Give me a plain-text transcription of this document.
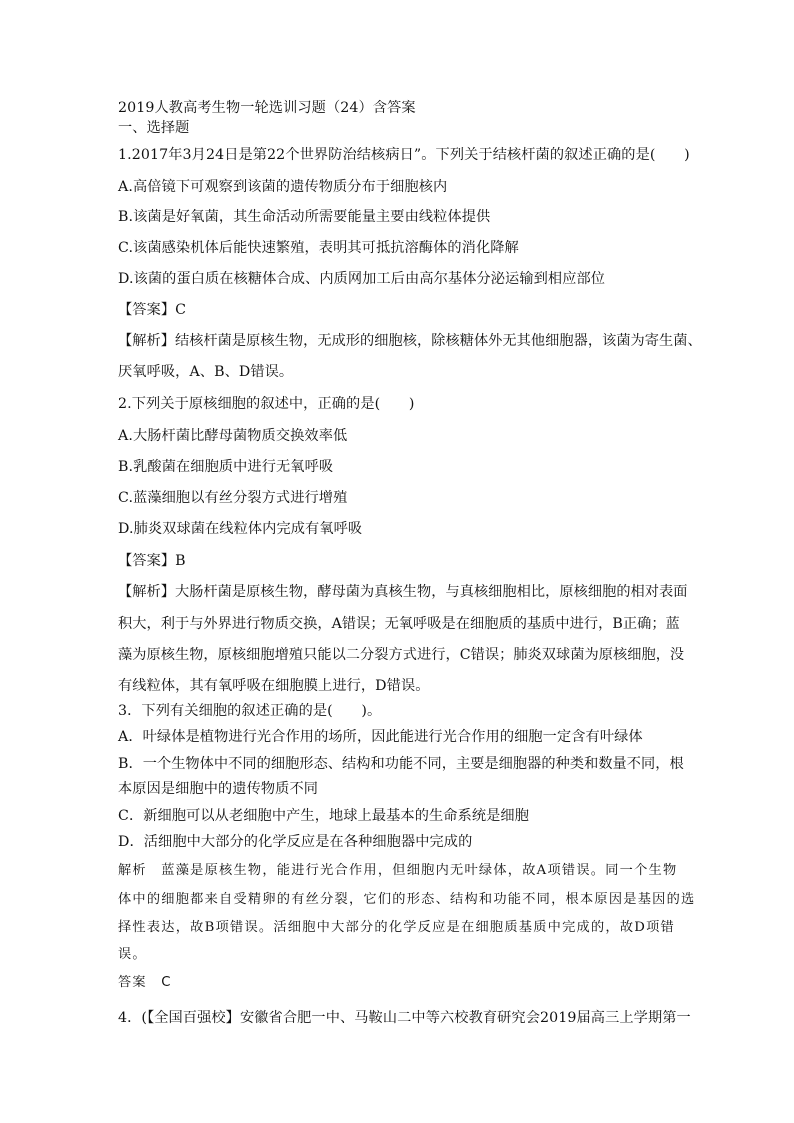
2019人教高考生物一轮选训习题（24）含答案
一、选择题
1.2017年3月24日是第22个世界防治结核病日”。下列关于结核杆菌的叙述正确的是(　　)
A.高倍镜下可观察到该菌的遗传物质分布于细胞核内
B.该菌是好氧菌，其生命活动所需要能量主要由线粒体提供
C.该菌感染机体后能快速繁殖，表明其可抵抗溶酶体的消化降解
D.该菌的蛋白质在核糖体合成、内质网加工后由高尔基体分泌运输到相应部位
【答案】C
【解析】结核杆菌是原核生物，无成形的细胞核，除核糖体外无其他细胞器，该菌为寄生菌、
厌氧呼吸，A、B、D错误。
2.下列关于原核细胞的叙述中，正确的是(　　)
A.大肠杆菌比酵母菌物质交换效率低
B.乳酸菌在细胞质中进行无氧呼吸
C.蓝藻细胞以有丝分裂方式进行增殖
D.肺炎双球菌在线粒体内完成有氧呼吸
【答案】B
【解析】大肠杆菌是原核生物，酵母菌为真核生物，与真核细胞相比，原核细胞的相对表面
积大，利于与外界进行物质交换，A错误；无氧呼吸是在细胞质的基质中进行，B正确；蓝
藻为原核生物，原核细胞增殖只能以二分裂方式进行，C错误；肺炎双球菌为原核细胞，没
有线粒体，其有氧呼吸在细胞膜上进行，D错误。
3．下列有关细胞的叙述正确的是(　　)。
A．叶绿体是植物进行光合作用的场所，因此能进行光合作用的细胞一定含有叶绿体
B．一个生物体中不同的细胞形态、结构和功能不同，主要是细胞器的种类和数量不同，根
本原因是细胞中的遗传物质不同
C．新细胞可以从老细胞中产生，地球上最基本的生命系统是细胞
D．活细胞中大部分的化学反应是在各种细胞器中完成的
解析　蓝藻是原核生物，能进行光合作用，但细胞内无叶绿体，故A项错误。同一个生物
体中的细胞都来自受精卵的有丝分裂，它们的形态、结构和功能不同，根本原因是基因的选
择性表达，故B项错误。活细胞中大部分的化学反应是在细胞质基质中完成的，故D项错
误。
答案　C
4．(【全国百强校】安徽省合肥一中、马鞍山二中等六校教育研究会2019届高三上学期第一
